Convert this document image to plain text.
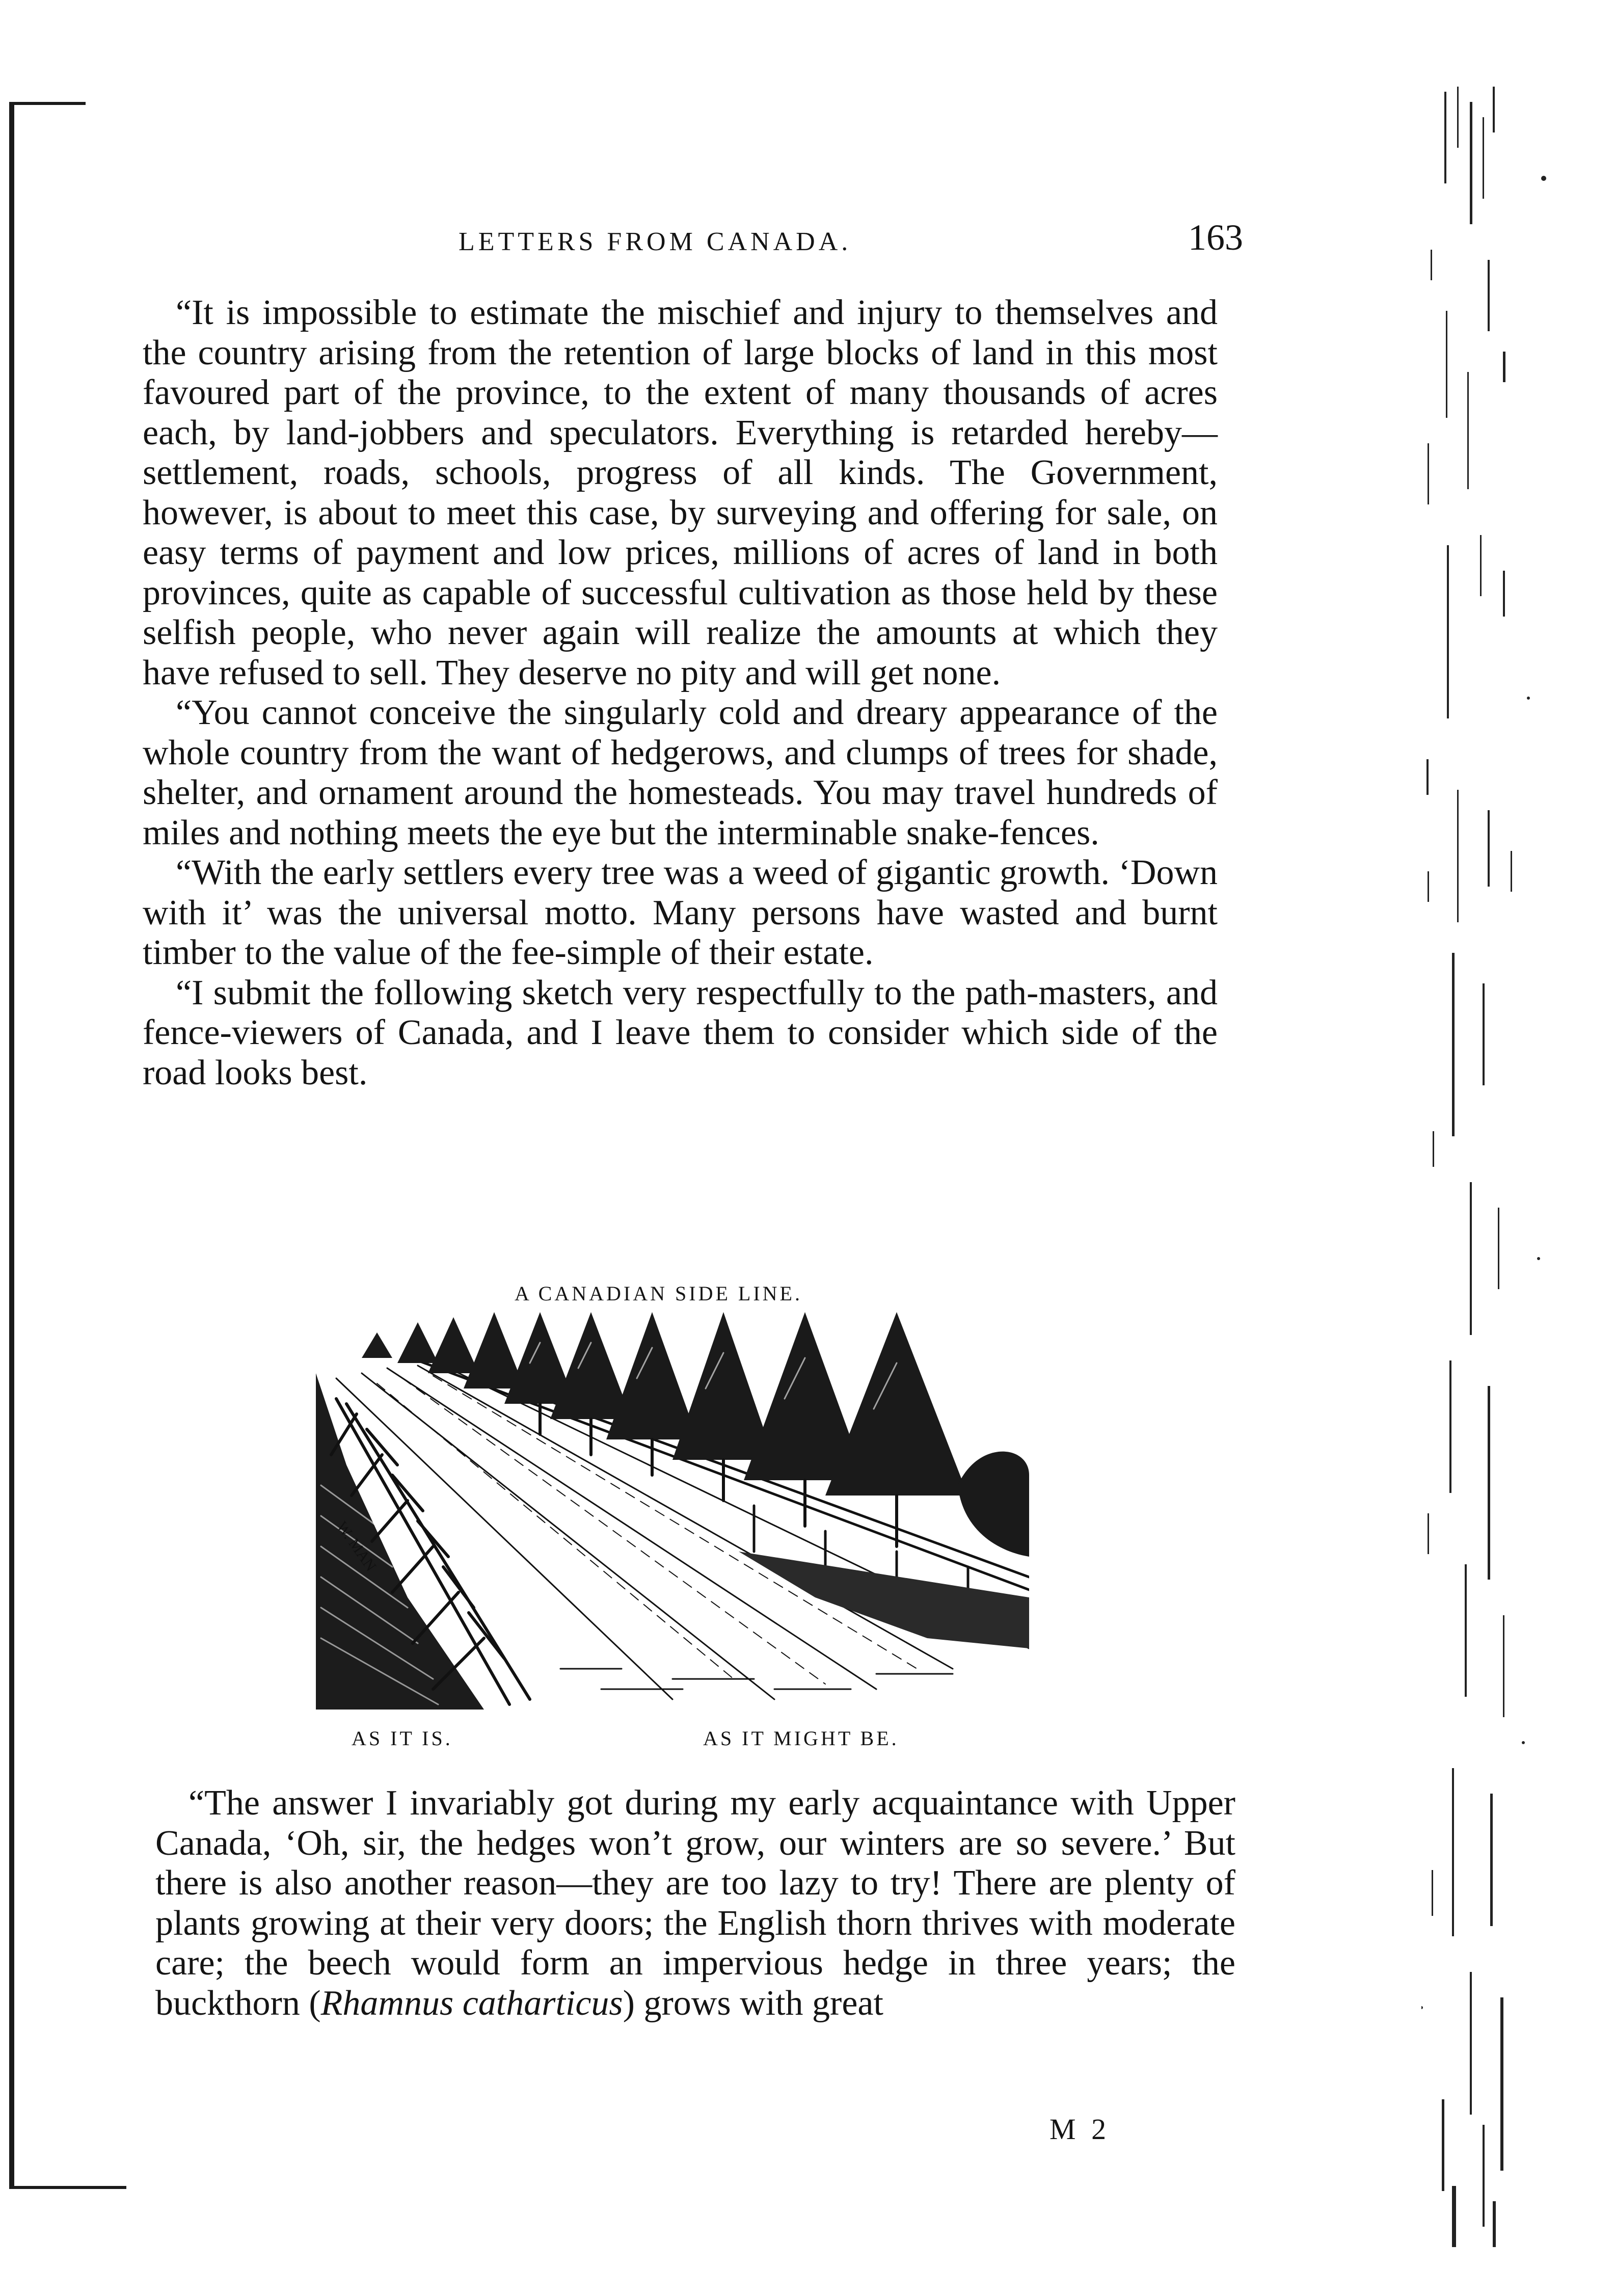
LETTERS FROM CANADA.	163

“It is impossible to estimate the mischief and injury to themselves and the country arising from the retention of large blocks of land in this most favoured part of the province, to the extent of many thousands of acres each, by land-jobbers and speculators. Everything is retarded hereby—settlement, roads, schools, progress of all kinds. The Government, however, is about to meet this case, by surveying and offering for sale, on easy terms of payment and low prices, millions of acres of land in both provinces, quite as capable of successful cultivation as those held by these selfish people, who never again will realize the amounts at which they have refused to sell. They deserve no pity and will get none.

“You cannot conceive the singularly cold and dreary appearance of the whole country from the want of hedgerows, and clumps of trees for shade, shelter, and ornament around the homesteads. You may travel hundreds of miles and nothing meets the eye but the interminable snake-fences.

“With the early settlers every tree was a weed of gigantic growth. ‘Down with it’ was the universal motto. Many persons have wasted and burnt timber to the value of the fee-simple of their estate.

“I submit the following sketch very respectfully to the path-masters, and fence-viewers of Canada, and I leave them to consider which side of the road looks best.

A CANADIAN SIDE LINE.
W. MAN
AS IT IS.	AS IT MIGHT BE.

“The answer I invariably got during my early acquaintance with Upper Canada, ‘Oh, sir, the hedges won’t grow, our winters are so severe.’ But there is also another reason—they are too lazy to try! There are plenty of plants growing at their very doors; the English thorn thrives with moderate care; the beech would form an impervious hedge in three years; the buckthorn (Rhamnus catharticus) grows with great

M 2
